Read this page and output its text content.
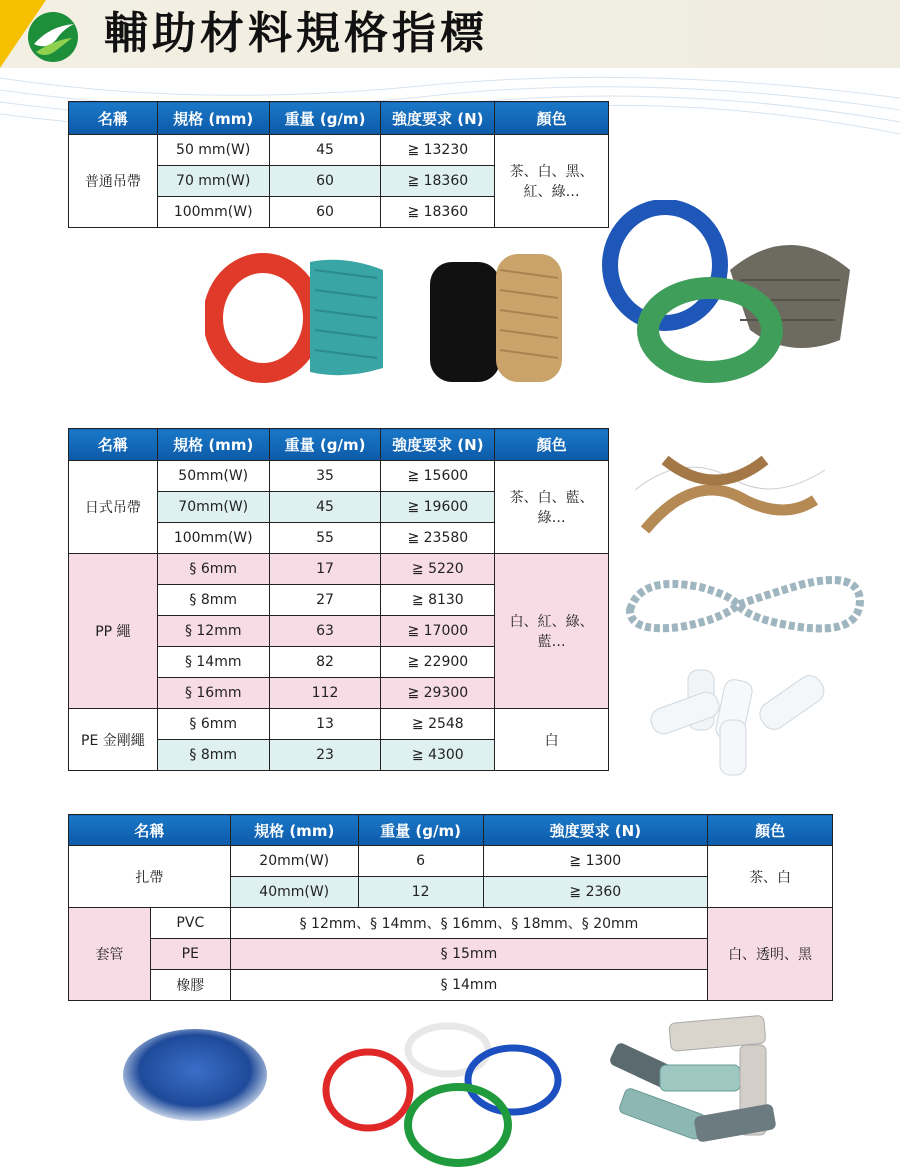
輔助材料規格指標
名稱	規格 (mm)	重量 (g/m)	強度要求 (N)	顏色
普通吊帶	50 mm(W)	45	≧ 13230	茶、白、黑、紅、綠…
	70 mm(W)	60	≧ 18360	
	100mm(W)	60	≧ 18360	
名稱	規格 (mm)	重量 (g/m)	強度要求 (N)	顏色
日式吊帶	50mm(W)	35	≧ 15600	茶、白、藍、綠…
	70mm(W)	45	≧ 19600	
	100mm(W)	55	≧ 23580	
PP 繩	§ 6mm	17	≧ 5220	白、紅、綠、藍…
	§ 8mm	27	≧ 8130	
	§ 12mm	63	≧ 17000	
	§ 14mm	82	≧ 22900	
	§ 16mm	112	≧ 29300	
PE 金剛繩	§ 6mm	13	≧ 2548	白
	§ 8mm	23	≧ 4300	
名稱		規格 (mm)	重量 (g/m)	強度要求 (N)	顏色
扎帶		20mm(W)	6	≧ 1300	茶、白
		40mm(W)	12	≧ 2360	
套管	PVC	§ 12mm、§ 14mm、§ 16mm、§ 18mm、§ 20mm			白、透明、黑
	PE	§ 15mm			
	橡膠	§ 14mm			
